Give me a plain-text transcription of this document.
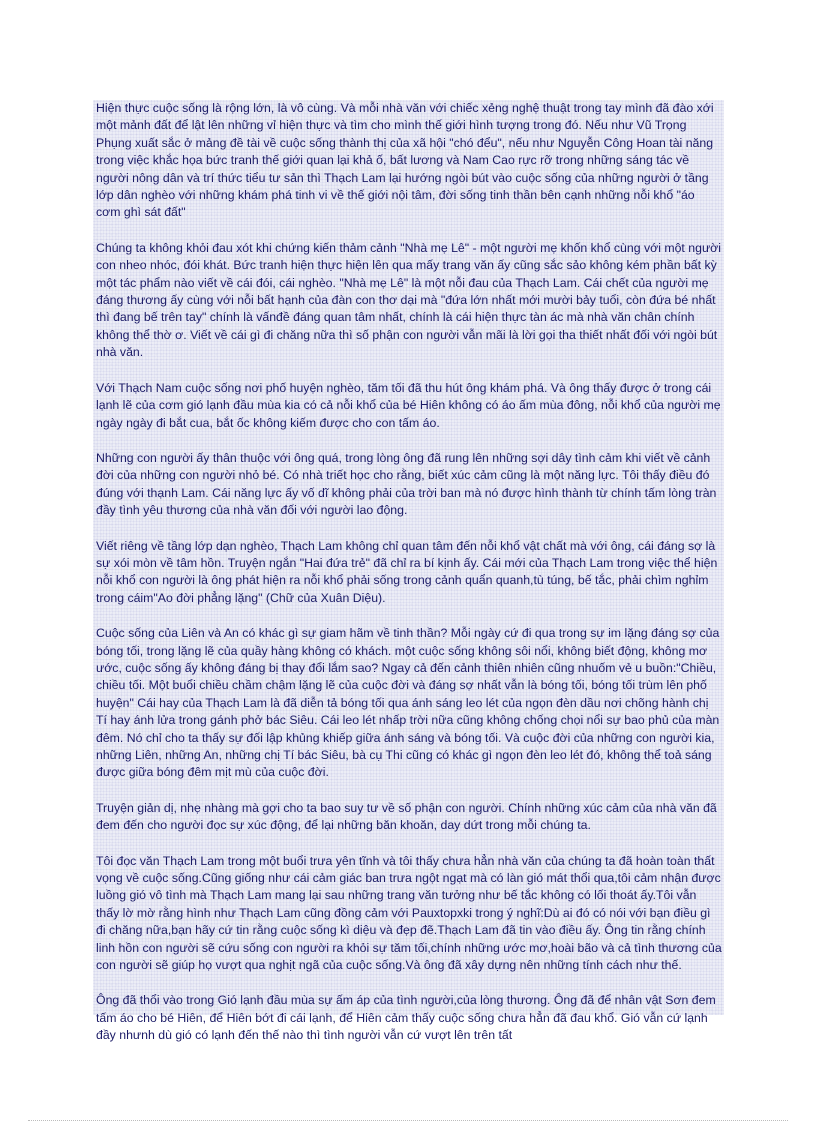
Hiện thực cuộc sống là rộng lớn, là vô cùng. Và mỗi nhà văn với chiếc xẻng nghệ thuật trong tay mình đã đào xới một mảnh đất để lật lên những vỉ hiện thực và tìm cho mình thế giới hình tượng trong đó. Nếu như Vũ Trọng Phụng xuất sắc ở mảng đề tài về cuộc sống thành thị của xã hội "chó đểu", nếu như Nguyễn Công Hoan tài năng trong việc khắc họa bức tranh thế giới quan lại khả ố, bất lương và Nam Cao rực rỡ trong những sáng tác về người nông dân và trí thức tiểu tư sản thì Thạch Lam lại hướng ngòi bút vào cuộc sống của những người ở tầng lớp dân nghèo với những khám phá tinh vi về thế giới nội tâm, đời sống tinh thần bên cạnh những nỗi khổ "áo cơm ghì sát đất"

Chúng ta không khỏi đau xót khi chứng kiến thảm cảnh "Nhà mẹ Lê" - một người mẹ khốn khổ cùng với một người con nheo nhóc, đói khát. Bức tranh hiện thực hiện lên qua mấy trang văn ấy cũng sắc sảo không kém phần bất kỳ một tác phẩm nào viết về cái đói, cái nghèo. "Nhà mẹ Lê" là một nỗi đau của Thạch Lam. Cái chết của người mẹ đáng thương ấy cùng với nỗi bất hạnh của đàn con thơ dại mà "đứa lớn nhất mới mười bảy tuổi, còn đứa bé nhất thì đang bế trên tay" chính là vấnđề đáng quan tâm nhất, chính là cái hiện thực tàn ác mà nhà văn chân chính không thể thờ ơ. Viết về cái gì đi chăng nữa thì số phận con người vẫn mãi là lời gọi tha thiết nhất đối với ngòi bút nhà văn.

Với Thạch Nam cuộc sống nơi phố huyện nghèo, tăm tối đã thu hút ông khám phá. Và ông thấy được ở trong cái lạnh lẽ của cơm gió lạnh đầu mùa kia có cả nỗi khổ của bé Hiên không có áo ấm mùa đông, nỗi khổ của người mẹ ngày ngày đi bắt cua, bắt ốc không kiếm được cho con tấm áo.

Những con người ấy thân thuộc với ông quá, trong lòng ông đã rung lên những sợi dây tình cảm khi viết về cảnh đời của những con người nhỏ bé. Có nhà triết học cho rằng, biết xúc cảm cũng là một năng lực. Tôi thấy điều đó đúng với thạnh Lam. Cái năng lực ấy vố dĩ không phải của trời ban mà nó được hình thành từ chính tấm lòng tràn đầy tình yêu thương của nhà văn đối với người lao động.

Viết riêng về tầng lớp dạn nghèo, Thạch Lam không chỉ quan tâm đến nỗi khổ vật chất mà với ông, cái đáng sợ là sự xói mòn về tâm hồn. Truyện ngắn "Hai đứa trẻ" đã chỉ ra bí kịnh ấy. Cái mới của Thạch Lam trong việc thể hiện nỗi khổ con người là ông phát hiện ra nỗi khổ phải sống trong cảnh quẩn quanh,tù túng, bế tắc, phải chìm nghỉm trong cáim"Ao đời phẳng lặng" (Chữ của Xuân Diệu).

Cuộc sống của Liên và An có khác gì sự giam hãm về tinh thần? Mỗi ngày cứ đi qua trong sự im lặng đáng sợ của bóng tối, trong lặng lẽ của quầy hàng không có khách. một cuộc sống không sôi nổi, không biết động, không mơ ước, cuộc sống ấy không đáng bị thay đổi lắm sao? Ngay cả đến cảnh thiên nhiên cũng nhuốm vẻ u buồn:"Chiều, chiều tối. Một buổi chiều chầm chậm lặng lẽ của cuộc đời và đáng sợ nhất vẫn là bóng tối, bóng tối trùm lên phố huyện" Cái hay của Thạch Lam là đã diễn tả bóng tối qua ánh sáng leo lét của ngọn đèn dầu nơi chõng hành chị Tí hay ánh lửa trong gánh phở bác Siêu. Cái leo lét nhấp trời nữa cũng không chống chọi nổi sự bao phủ của màn đêm. Nó chỉ cho ta thấy sự đối lập khủng khiếp giữa ánh sáng và bóng tối. Và cuộc đời của những con người kia, những Liên, những An, những chị Tí bác Siêu, bà cụ Thi cũng có khác gì ngọn đèn leo lét đó, không thể toả sáng được giữa bóng đêm mịt mù của cuộc đời.

Truyện giản dị, nhẹ nhàng mà gợi cho ta bao suy tư về số phận con người. Chính những xúc cảm của nhà văn đã đem đến cho người đọc sự xúc động, để lại những băn khoăn, day dứt trong mỗi chúng ta.

Tôi đọc văn Thạch Lam trong một buổi trưa yên tĩnh và tôi thấy chưa hẳn nhà văn của chúng ta đã hoàn toàn thất vọng về cuộc sống.Cũng giống như cái cảm giác ban trưa ngột ngạt mà có làn gió mát thổi qua,tôi cảm nhận được luồng gió vô tình mà Thạch Lam mang lại sau những trang văn tưởng như bế tắc không có lối thoát ấy.Tôi vẫn thấy lờ mờ rằng hình như Thạch Lam cũng đồng cảm với Pauxtopxki trong ý nghĩ:Dù ai đó có nói với bạn điều gì đi chăng nữa,bạn hãy cứ tin rằng cuộc sống kì diệu và đẹp đẽ.Thạch Lam đã tin vào điều ấy. Ông tin rằng chính linh hồn con người sẽ cứu sống con người ra khỏi sự tăm tối,chính những ước mơ,hoài bão và cả tình thương của con người sẽ giúp họ vượt qua nghịt ngã của cuộc sống.Và ông đã xây dựng nên những tính cách như thế.

Ông đã thổi vào trong Gió lạnh đầu mùa sự ấm áp của tình người,của lòng thương. Ông đã để nhân vật Sơn đem tấm áo cho bé Hiên, để Hiên bớt đi cái lạnh, để Hiên cảm thấy cuộc sống chưa hẳn đã đau khổ. Gió vẫn cứ lạnh đầy nhưnh dù gió có lạnh đến thế nào thì tình người vẫn cứ vượt lên trên tất
